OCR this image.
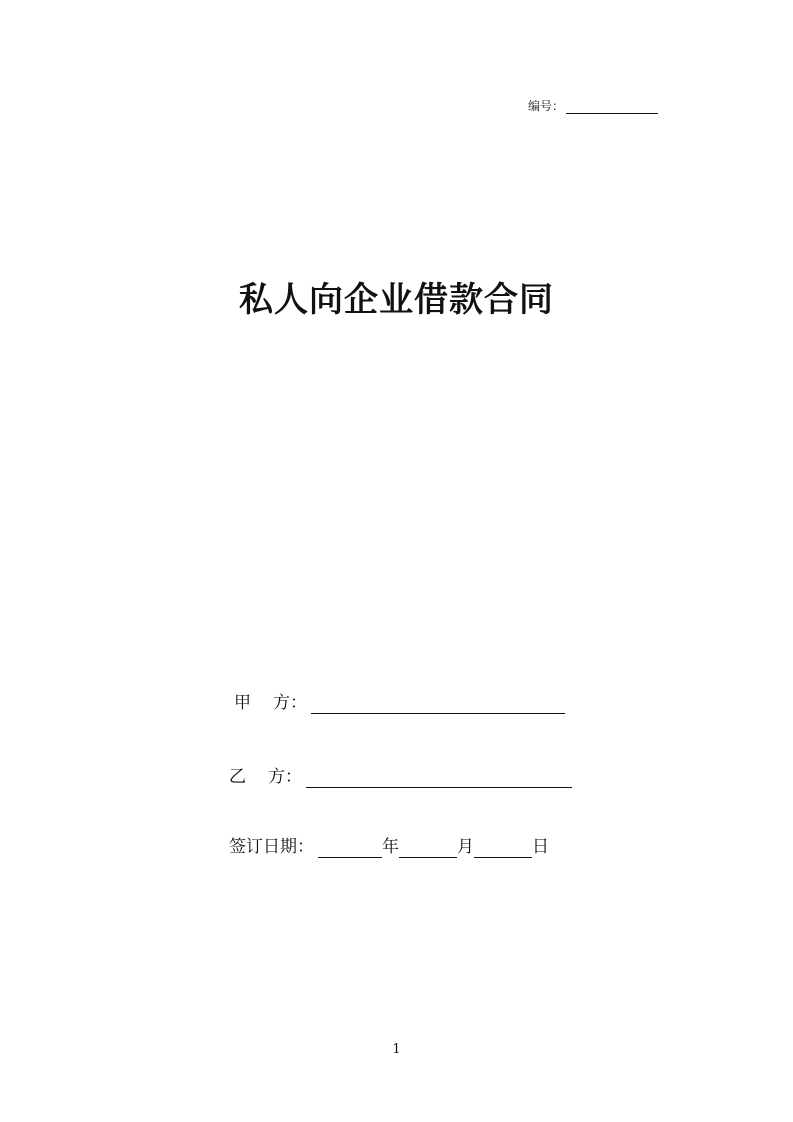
编号：
私人向企业借款合同
甲 方：
乙 方：
签订日期：	年	月	日
1
